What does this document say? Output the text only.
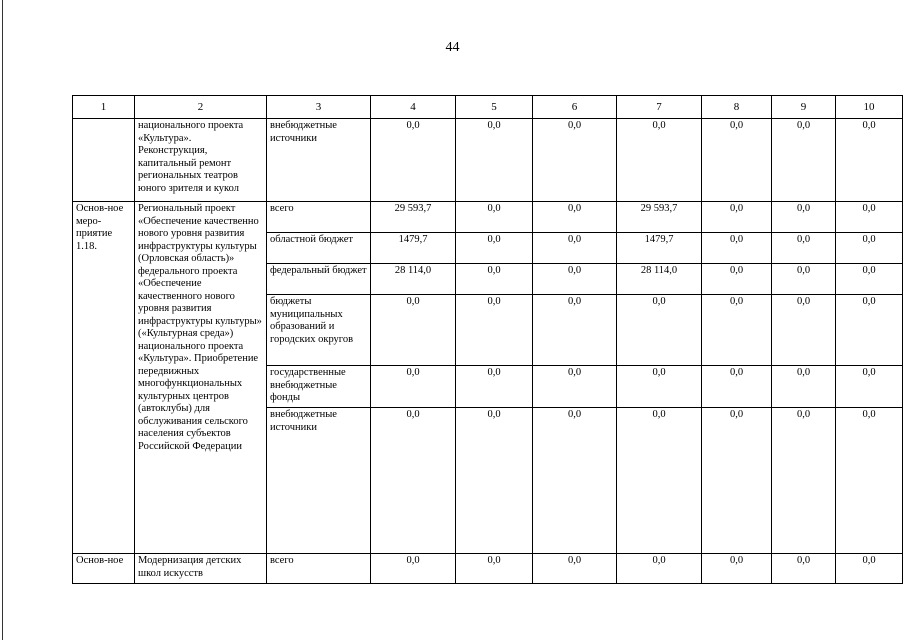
44
1	2	3	4	5	6	7	8	9	10
	национального проекта «Культура». Реконструкция, капитальный ремонт региональных театров юного зрителя и кукол	внебюджетные источники	0,0	0,0	0,0	0,0	0,0	0,0	0,0
Основ-ное меро-приятие 1.18.	Региональный проект «Обеспечение качественно нового уровня развития инфраструктуры культуры (Орловская область)» федерального проекта «Обеспечение качественного нового уровня развития инфраструктуры культуры» («Культурная среда») национального проекта «Культура». Приобретение передвижных многофункциональных культурных центров (автоклубы) для обслуживания сельского населения субъектов Российской Федерации	всего	29 593,7	0,0	0,0	29 593,7	0,0	0,0	0,0
		областной бюджет	1479,7	0,0	0,0	1479,7	0,0	0,0	0,0
		федеральный бюджет	28 114,0	0,0	0,0	28 114,0	0,0	0,0	0,0
		бюджеты муниципальных образований и городских округов	0,0	0,0	0,0	0,0	0,0	0,0	0,0
		государственные внебюджетные фонды	0,0	0,0	0,0	0,0	0,0	0,0	0,0
		внебюджетные источники	0,0	0,0	0,0	0,0	0,0	0,0	0,0
Основ-ное	Модернизация детских школ искусств	всего	0,0	0,0	0,0	0,0	0,0	0,0	0,0
